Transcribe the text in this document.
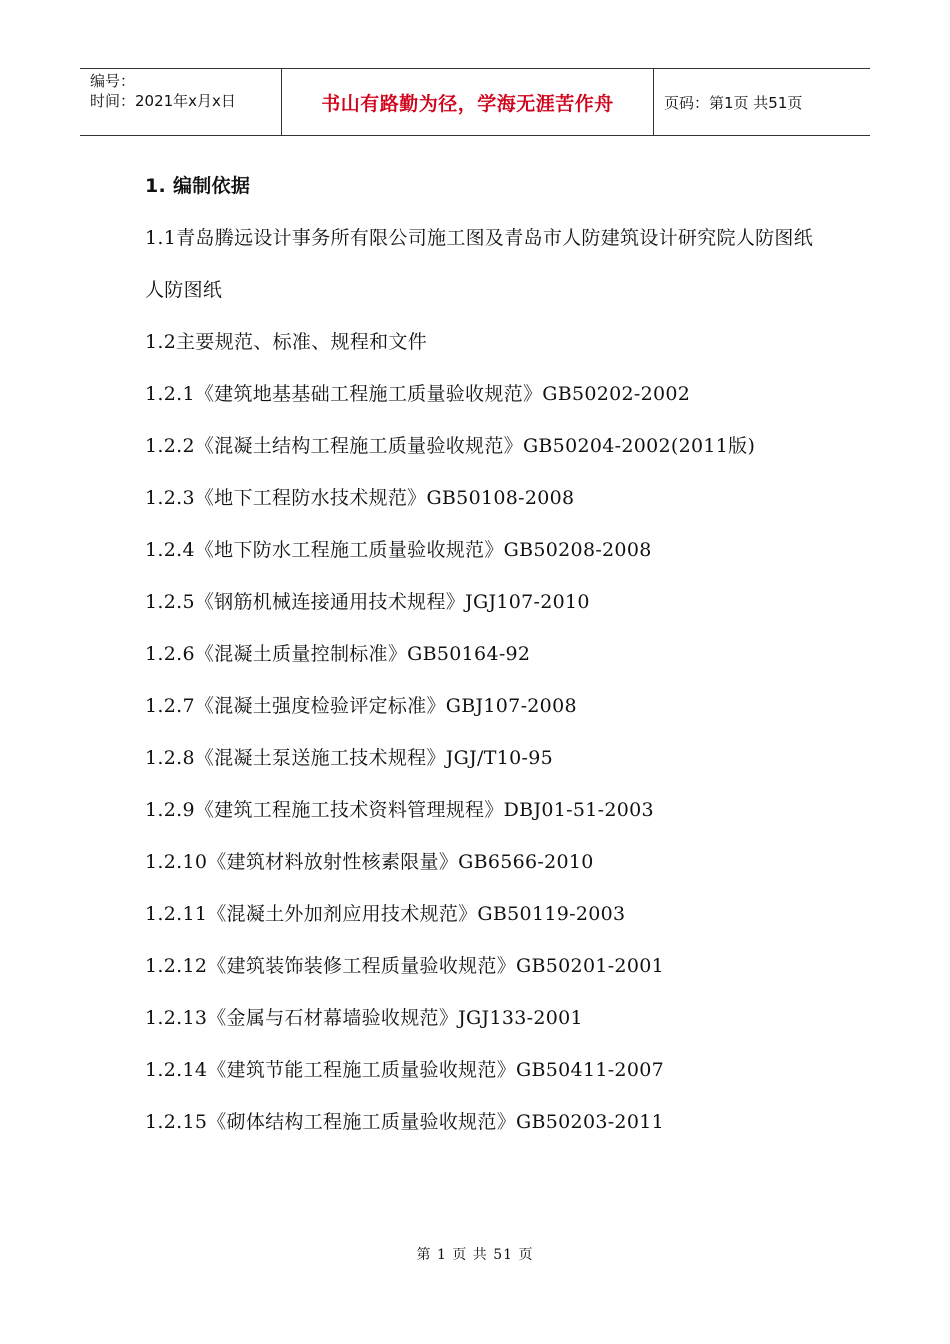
编号：
时间：2021年x月x日	书山有路勤为径，学海无涯苦作舟	页码：第1页 共51页
1. 编制依据
1.1青岛腾远设计事务所有限公司施工图及青岛市人防建筑设计研究院人防图纸人防图纸
1.2主要规范、标准、规程和文件
1.2.1《建筑地基基础工程施工质量验收规范》GB50202-2002
1.2.2《混凝土结构工程施工质量验收规范》GB50204-2002(2011版)
1.2.3《地下工程防水技术规范》GB50108-2008
1.2.4《地下防水工程施工质量验收规范》GB50208-2008
1.2.5《钢筋机械连接通用技术规程》JGJ107-2010
1.2.6《混凝土质量控制标准》GB50164-92
1.2.7《混凝土强度检验评定标准》GBJ107-2008
1.2.8《混凝土泵送施工技术规程》JGJ/T10-95
1.2.9《建筑工程施工技术资料管理规程》DBJ01-51-2003
1.2.10《建筑材料放射性核素限量》GB6566-2010
1.2.11《混凝土外加剂应用技术规范》GB50119-2003
1.2.12《建筑装饰装修工程质量验收规范》GB50201-2001
1.2.13《金属与石材幕墙验收规范》JGJ133-2001
1.2.14《建筑节能工程施工质量验收规范》GB50411-2007
1.2.15《砌体结构工程施工质量验收规范》GB50203-2011
第 1 页 共 51 页
